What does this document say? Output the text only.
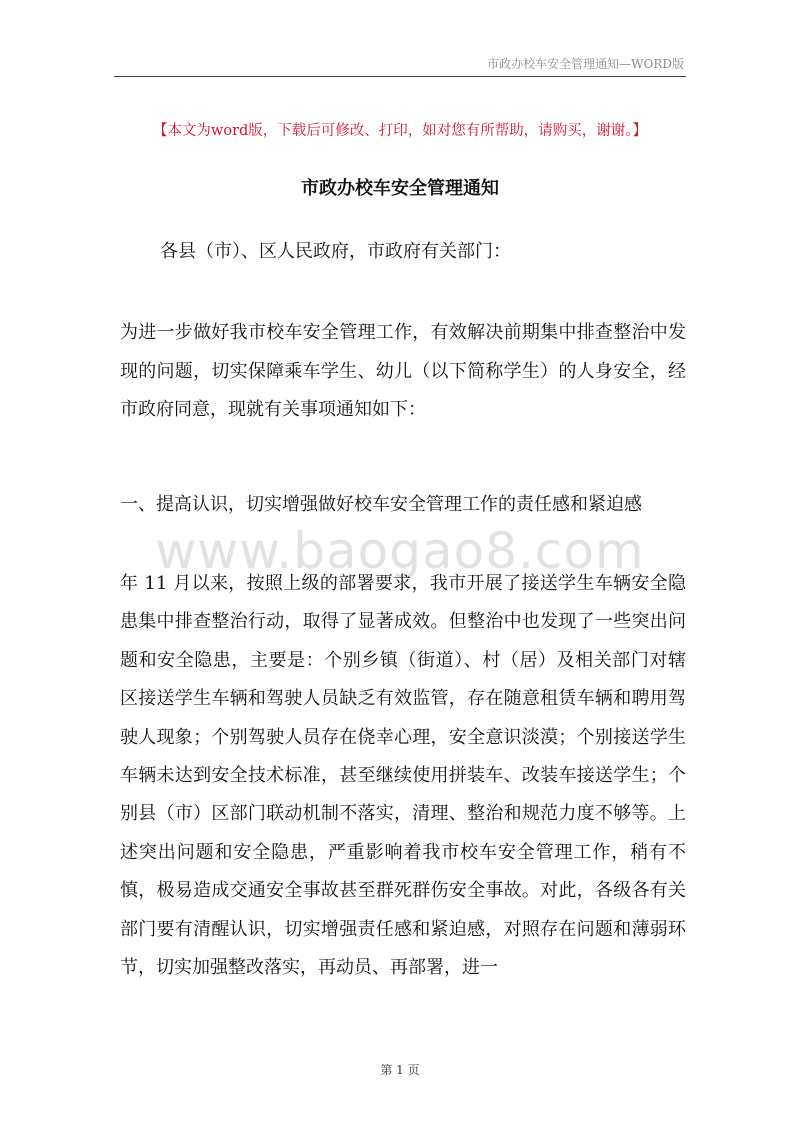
市政办校车安全管理通知—WORD版
【本文为word版，下载后可修改、打印，如对您有所帮助，请购买，谢谢。】
市政办校车安全管理通知
各县（市）、区人民政府，市政府有关部门：

为进一步做好我市校车安全管理工作，有效解决前期集中排查整治中发现的问题，切实保障乘车学生、幼儿（以下简称学生）的人身安全，经市政府同意，现就有关事项通知如下：

一、提高认识，切实增强做好校车安全管理工作的责任感和紧迫感
www.baogao8.com

年 11 月以来，按照上级的部署要求，我市开展了接送学生车辆安全隐患集中排查整治行动，取得了显著成效。但整治中也发现了一些突出问题和安全隐患，主要是：个别乡镇（街道）、村（居）及相关部门对辖区接送学生车辆和驾驶人员缺乏有效监管，存在随意租赁车辆和聘用驾驶人现象；个别驾驶人员存在侥幸心理，安全意识淡漠；个别接送学生车辆未达到安全技术标准，甚至继续使用拼装车、改装车接送学生；个别县（市）区部门联动机制不落实，清理、整治和规范力度不够等。上述突出问题和安全隐患，严重影响着我市校车安全管理工作，稍有不慎，极易造成交通安全事故甚至群死群伤安全事故。对此，各级各有关部门要有清醒认识，切实增强责任感和紧迫感，对照存在问题和薄弱环节，切实加强整改落实，再动员、再部署，进一

第 1 页
